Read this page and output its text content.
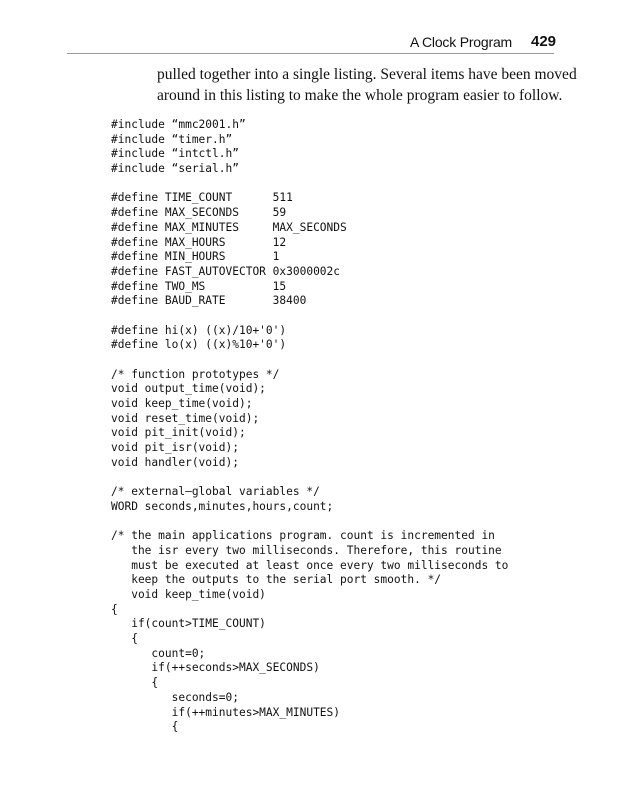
A Clock Program 429

pulled together into a single listing. Several items have been moved
around in this listing to make the whole program easier to follow.

#include “mmc2001.h”
#include “timer.h”
#include “intctl.h”
#include “serial.h”
#define TIME_COUNT      511
#define MAX_SECONDS     59
#define MAX_MINUTES     MAX_SECONDS
#define MAX_HOURS       12
#define MIN_HOURS       1
#define FAST_AUTOVECTOR 0x3000002c
#define TWO_MS          15
#define BAUD_RATE       38400
#define hi(x) ((x)/10+'0')
#define lo(x) ((x)%10+'0')
/* function prototypes */
void output_time(void);
void keep_time(void);
void reset_time(void);
void pit_init(void);
void pit_isr(void);
void handler(void);
/* external–global variables */
WORD seconds,minutes,hours,count;
/* the main applications program. count is incremented in
the isr every two milliseconds. Therefore, this routine
must be executed at least once every two milliseconds to
keep the outputs to the serial port smooth. */
void keep_time(void)
{
if(count>TIME_COUNT)
{
count=0;
if(++seconds>MAX_SECONDS)
{
seconds=0;
if(++minutes>MAX_MINUTES)
{
